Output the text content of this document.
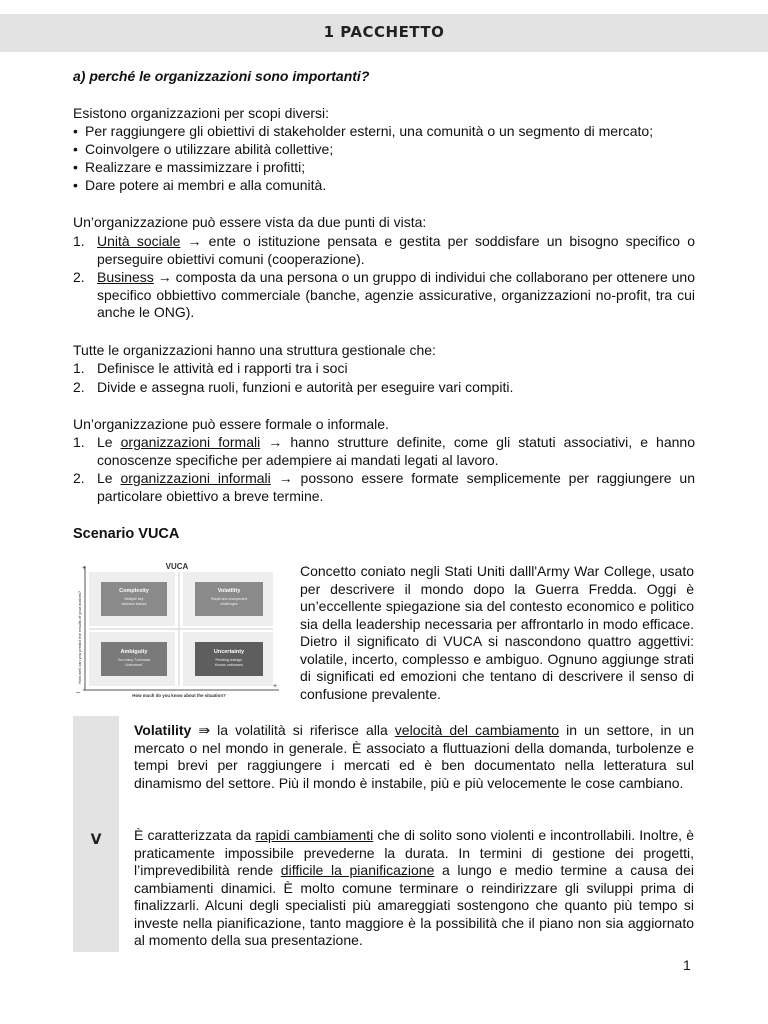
1 PACCHETTO
a) perché le organizzazioni sono importanti?
Esistono organizzazioni per scopi diversi:
• Per raggiungere gli obiettivi di stakeholder esterni, una comunità o un segmento di mercato;
• Coinvolgere o utilizzare abilità collettive;
• Realizzare e massimizzare i profitti;
• Dare potere ai membri e alla comunità.
Un’organizzazione può essere vista da due punti di vista:
1. Unità sociale → ente o istituzione pensata e gestita per soddisfare un bisogno specifico o perseguire obiettivi comuni (cooperazione).
2. Business → composta da una persona o un gruppo di individui che collaborano per ottenere uno specifico obbiettivo commerciale (banche, agenzie assicurative, organizzazioni no-profit, tra cui anche le ONG).
Tutte le organizzazioni hanno una struttura gestionale che:
1. Definisce le attività ed i rapporti tra i soci
2. Divide e assegna ruoli, funzioni e autorità per eseguire vari compiti.
Un’organizzazione può essere formale o informale.
1. Le organizzazioni formali → hanno strutture definite, come gli statuti associativi, e hanno conoscenze specifiche per adempiere ai mandati legati al lavoro.
2. Le organizzazioni informali → possono essere formate semplicemente per raggiungere un particolare obiettivo a breve termine.
Scenario VUCA
VUCA
+
+
–
How well can you predict the results of your actions?
How much do you know about the situation?
Complexity
Multiple key
decision factors
Volatility
Rapid and unexpected
challenges
Ambiguity
Too many "Unknown
Unknowns"
Uncertainty
Pending change;
Known unknowns
Concetto coniato negli Stati Uniti dalll'Army War College, usato per descrivere il mondo dopo la Guerra Fredda. Oggi è un’eccellente spiegazione sia del contesto economico e politico sia della leadership necessaria per affrontarlo in modo efficace. Dietro il significato di VUCA si nascondono quattro aggettivi: volatile, incerto, complesso e ambiguo. Ognuno aggiunge strati di significati ed emozioni che tentano di descrivere il senso di confusione prevalente.
V
Volatility ⇛ la volatilità si riferisce alla velocità del cambiamento in un settore, in un mercato o nel mondo in generale. È associato a fluttuazioni della domanda, turbolenze e tempi brevi per raggiungere i mercati ed è ben documentato nella letteratura sul dinamismo del settore. Più il mondo è instabile, più e più velocemente le cose cambiano.
È caratterizzata da rapidi cambiamenti che di solito sono violenti e incontrollabili. Inoltre, è praticamente impossibile prevederne la durata. In termini di gestione dei progetti, l’imprevedibilità rende difficile la pianificazione a lungo e medio termine a causa dei cambiamenti dinamici. È molto comune terminare o reindirizzare gli sviluppi prima di finalizzarli. Alcuni degli specialisti più amareggiati sostengono che quanto più tempo si investe nella pianificazione, tanto maggiore è la possibilità che il piano non sia aggiornato al momento della sua presentazione.
1
